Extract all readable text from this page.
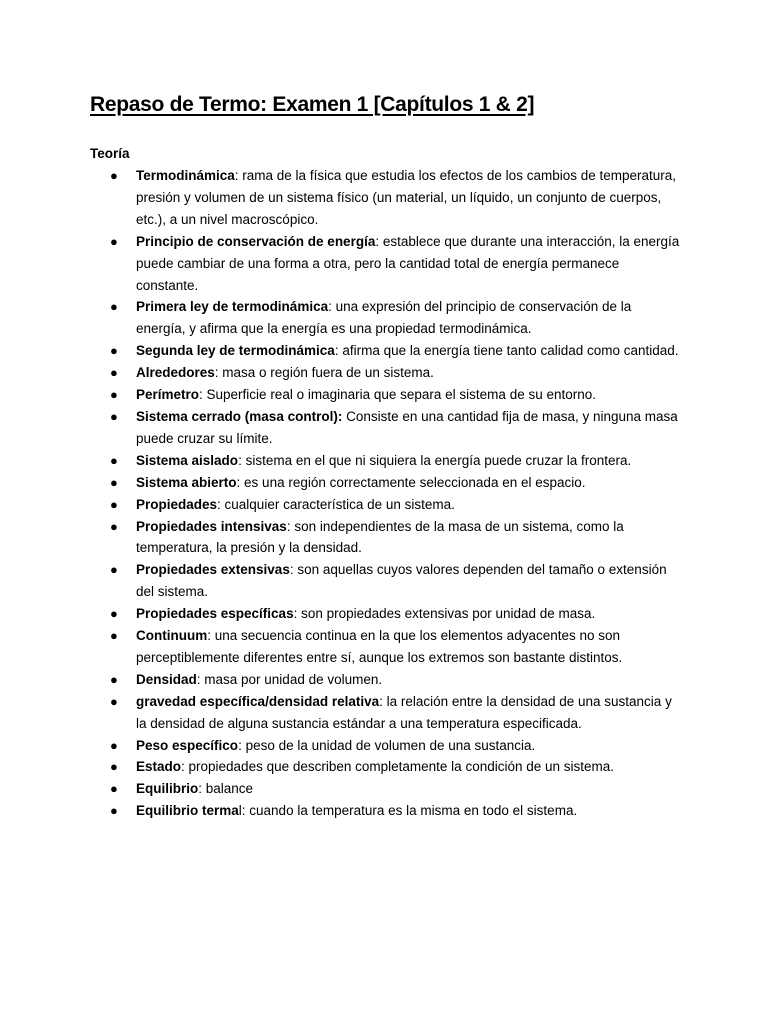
Repaso de Termo: Examen 1 [Capítulos 1 & 2]
Teoría
● Termodinámica: rama de la física que estudia los efectos de los cambios de temperatura, presión y volumen de un sistema físico (un material, un líquido, un conjunto de cuerpos, etc.), a un nivel macroscópico.
● Principio de conservación de energía: establece que durante una interacción, la energía puede cambiar de una forma a otra, pero la cantidad total de energía permanece constante.
● Primera ley de termodinámica: una expresión del principio de conservación de la energía, y afirma que la energía es una propiedad termodinámica.
● Segunda ley de termodinámica: afirma que la energía tiene tanto calidad como cantidad.
● Alrededores: masa o región fuera de un sistema.
● Perímetro: Superficie real o imaginaria que separa el sistema de su entorno.
● Sistema cerrado (masa control): Consiste en una cantidad fija de masa, y ninguna masa puede cruzar su límite.
● Sistema aislado: sistema en el que ni siquiera la energía puede cruzar la frontera.
● Sistema abierto: es una región correctamente seleccionada en el espacio.
● Propiedades: cualquier característica de un sistema.
● Propiedades intensivas: son independientes de la masa de un sistema, como la temperatura, la presión y la densidad.
● Propiedades extensivas: son aquellas cuyos valores dependen del tamaño o extensión del sistema.
● Propiedades específicas: son propiedades extensivas por unidad de masa.
● Continuum: una secuencia continua en la que los elementos adyacentes no son perceptiblemente diferentes entre sí, aunque los extremos son bastante distintos.
● Densidad: masa por unidad de volumen.
● gravedad específica/densidad relativa: la relación entre la densidad de una sustancia y la densidad de alguna sustancia estándar a una temperatura especificada.
● Peso específico: peso de la unidad de volumen de una sustancia.
● Estado: propiedades que describen completamente la condición de un sistema.
● Equilibrio: balance
● Equilibrio termal: cuando la temperatura es la misma en todo el sistema.
